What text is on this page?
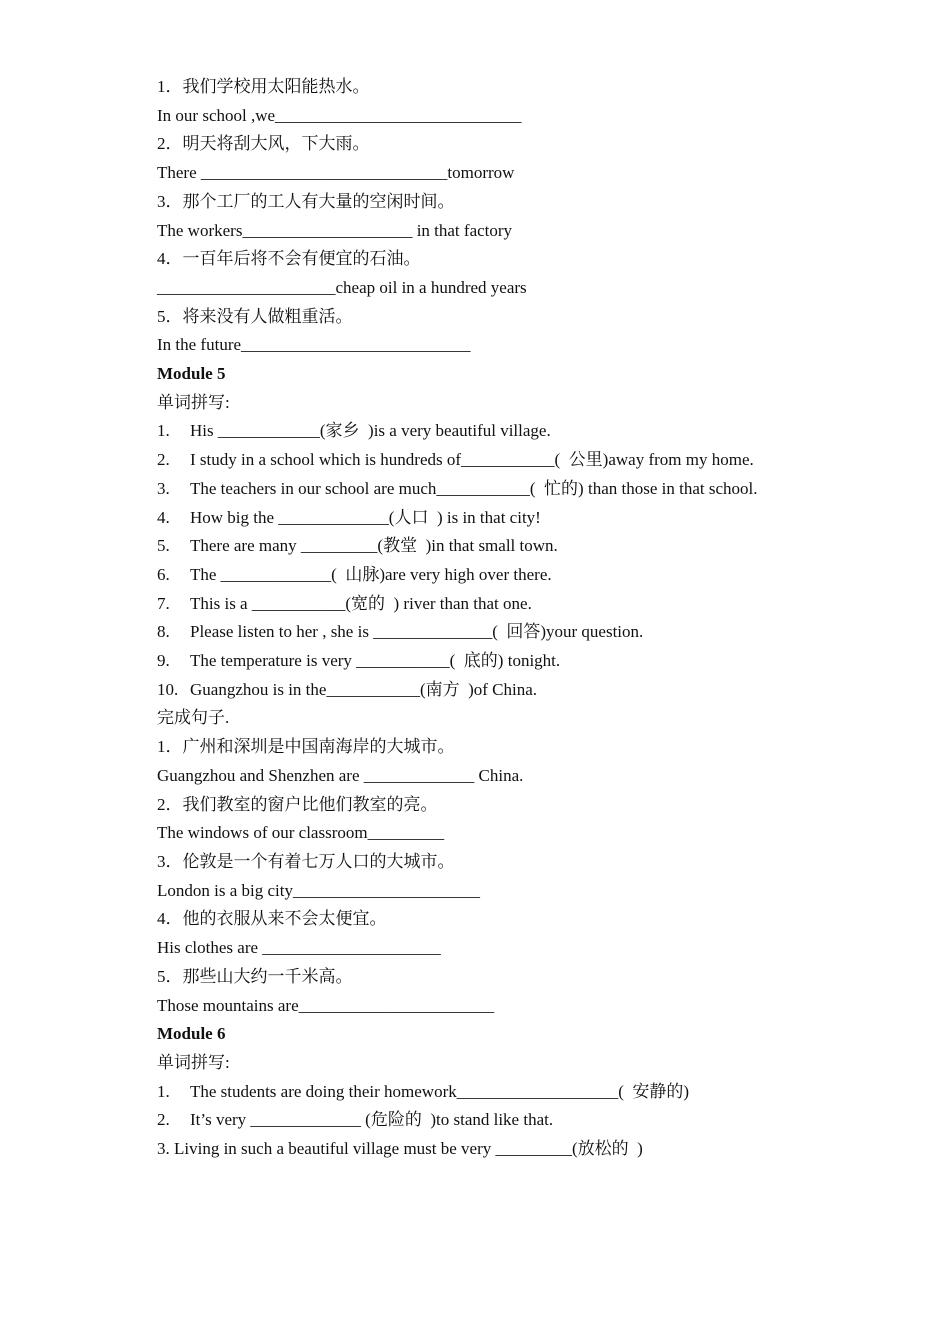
1．我们学校用太阳能热水。
In our school ,we_____________________________
2．明天将刮大风，下大雨。
There _____________________________tomorrow
3．那个工厂的工人有大量的空闲时间。
The workers____________________ in that factory
4．一百年后将不会有便宜的石油。
_____________________cheap oil in a hundred years
5．将来没有人做粗重活。
In the future___________________________
Module 5
单词拼写:
1. His ____________(家乡  )is a very beautiful village.
2. I study in a school which is hundreds of___________(  公里)away from my home.
3. The teachers in our school are much___________(  忙的) than those in that school.
4. How big the _____________(人口  ) is in that city!
5. There are many _________(教堂  )in that small town.
6. The _____________(  山脉)are very high over there.
7. This is a ___________(宽的  ) river than that one.
8. Please listen to her , she is ______________(  回答)your question.
9. The temperature is very ___________(  底的) tonight.
10. Guangzhou is in the___________(南方  )of China.
完成句子.
1．广州和深圳是中国南海岸的大城市。
Guangzhou and Shenzhen are _____________ China.
2．我们教室的窗户比他们教室的亮。
The windows of our classroom_________
3．伦敦是一个有着七万人口的大城市。
London is a big city______________________
4．他的衣服从来不会太便宜。
His clothes are _____________________
5．那些山大约一千米高。
Those mountains are_______________________
Module 6
单词拼写:
1. The students are doing their homework___________________(  安静的)
2. It’s very _____________ (危险的  )to stand like that.
3. Living in such a beautiful village must be very _________(放松的  )
